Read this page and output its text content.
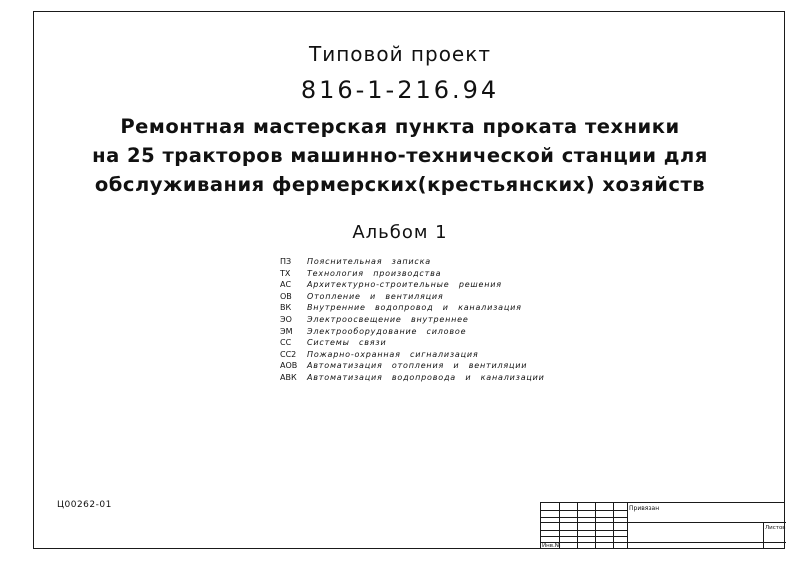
Типовой проект
816-1-216.94
Ремонтная мастерская пункта проката техники
на 25 тракторов машинно-технической станции для
обслуживания фермерских(крестьянских) хозяйств
Альбом 1
ПЗ	Пояснительная записка
ТХ	Технология производства
АС	Архитектурно-строительные решения
ОВ	Отопление и вентиляция
ВК	Внутренние водопровод и канализация
ЭО	Электроосвещение внутреннее
ЭМ	Электрооборудование силовое
СС	Системы связи
СС2	Пожарно-охранная сигнализация
АОВ	Автоматизация отопления и вентиляции
АВК	Автоматизация водопровода и канализации
Ц00262-01	Привязан
Листов
Инв.№
